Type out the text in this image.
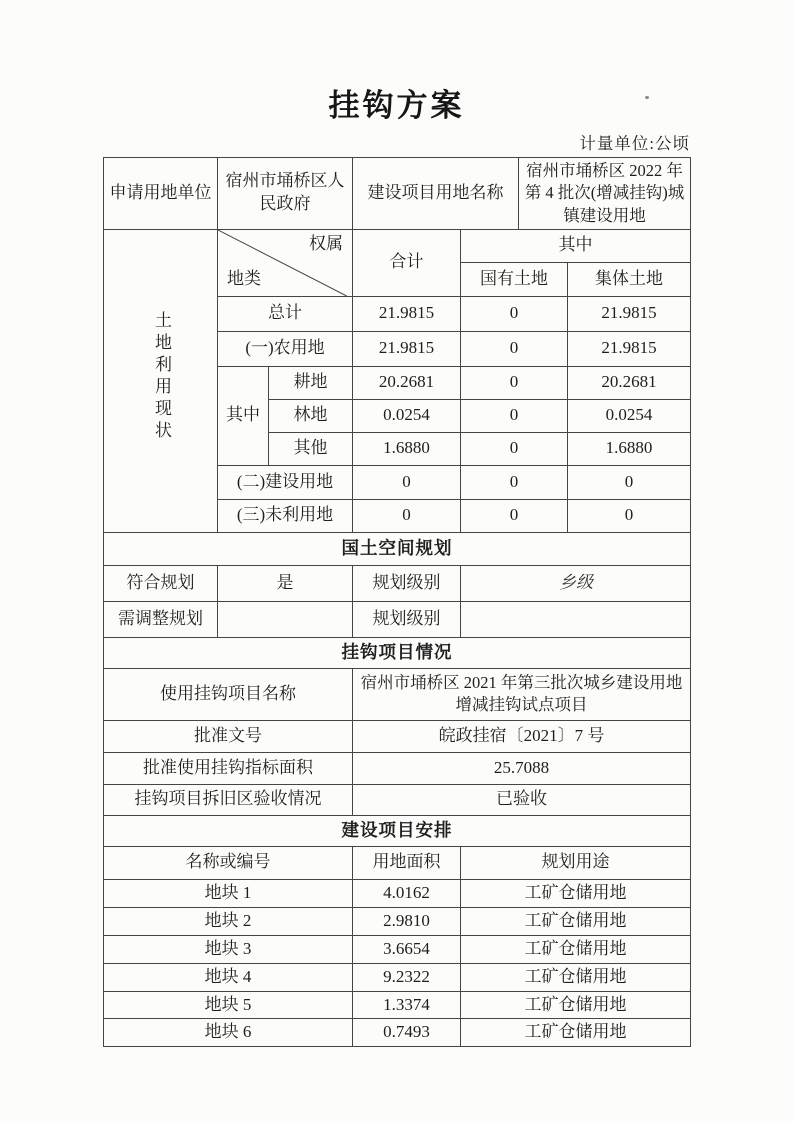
挂钩方案
计量单位:公顷
申请用地单位	宿州市埇桥区人民政府		建设项目用地名称		宿州市埇桥区 2022 年第 4 批次(增减挂钩)城镇建设用地	
土地利用现状	权属
地类		合计	其中		
				国有土地		集体土地
	总计		21.9815	0		21.9815
	(一)农用地		21.9815	0		21.9815
	其中	耕地	20.2681	0		20.2681
		林地	0.0254	0		0.0254
		其他	1.6880	0		1.6880
	(二)建设用地		0	0		0
	(三)未利用地		0	0		0
国土空间规划						
符合规划	是		规划级别	乡级		
需调整规划			规划级别			
挂钩项目情况						
使用挂钩项目名称			宿州市埇桥区 2021 年第三批次城乡建设用地增减挂钩试点项目			
批准文号			皖政挂宿〔2021〕7 号			
批准使用挂钩指标面积			25.7088			
挂钩项目拆旧区验收情况			已验收			
建设项目安排						
名称或编号			用地面积	规划用途		
地块 1			4.0162	工矿仓储用地		
地块 2			2.9810	工矿仓储用地		
地块 3			3.6654	工矿仓储用地		
地块 4			9.2322	工矿仓储用地		
地块 5			1.3374	工矿仓储用地		
地块 6			0.7493	工矿仓储用地		
